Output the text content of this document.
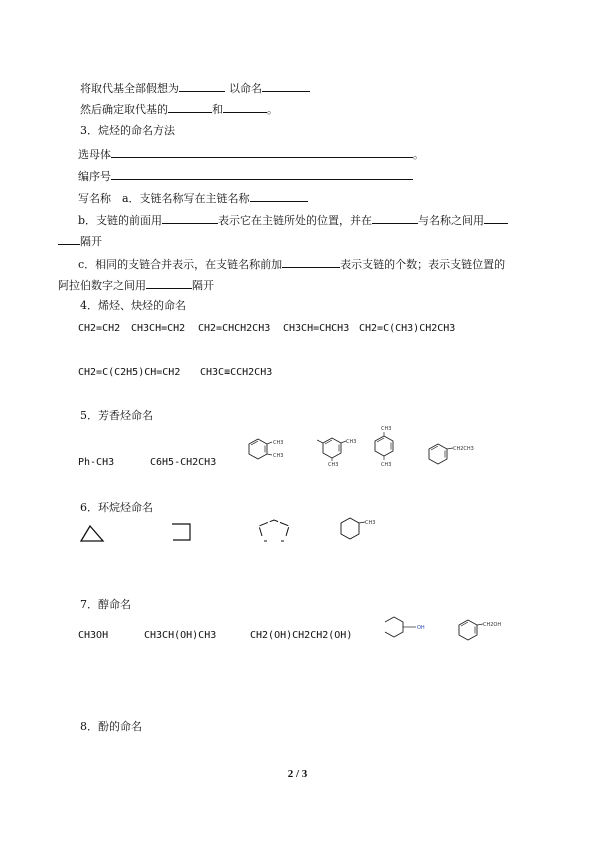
将取代基全部假想为	以命名
然后确定取代基的	和	。
3．烷烃的命名方法
选母体	。
编序号
写名称　a．支链名称写在主链名称
b．支链的前面用	表示它在主链所处的位置，并在	与名称之间用
隔开
c．相同的支链合并表示，在支链名称前加	表示支链的个数；表示支链位置的
阿拉伯数字之间用	隔开
4．烯烃、炔烃的命名
CH2=CH2 CH3CH=CH2 CH2=CHCH2CH3 CH3CH=CHCH3 CH2=C(CH3)CH2CH3
CH2=C(C2H5)CH=CH2 CH3C≡CCH2CH3
5．芳香烃命名
Ph-CH3	C6H5-CH2CH3
CH3
CH3
CH3
CH3
CH3
CH3
CH2CH3
6．环烷烃命名
CH3
7．醇命名
CH3OH	CH3CH(OH)CH3	CH2(OH)CH2CH2(OH)
OH	CH2OH
8．酚的命名
2 / 3
